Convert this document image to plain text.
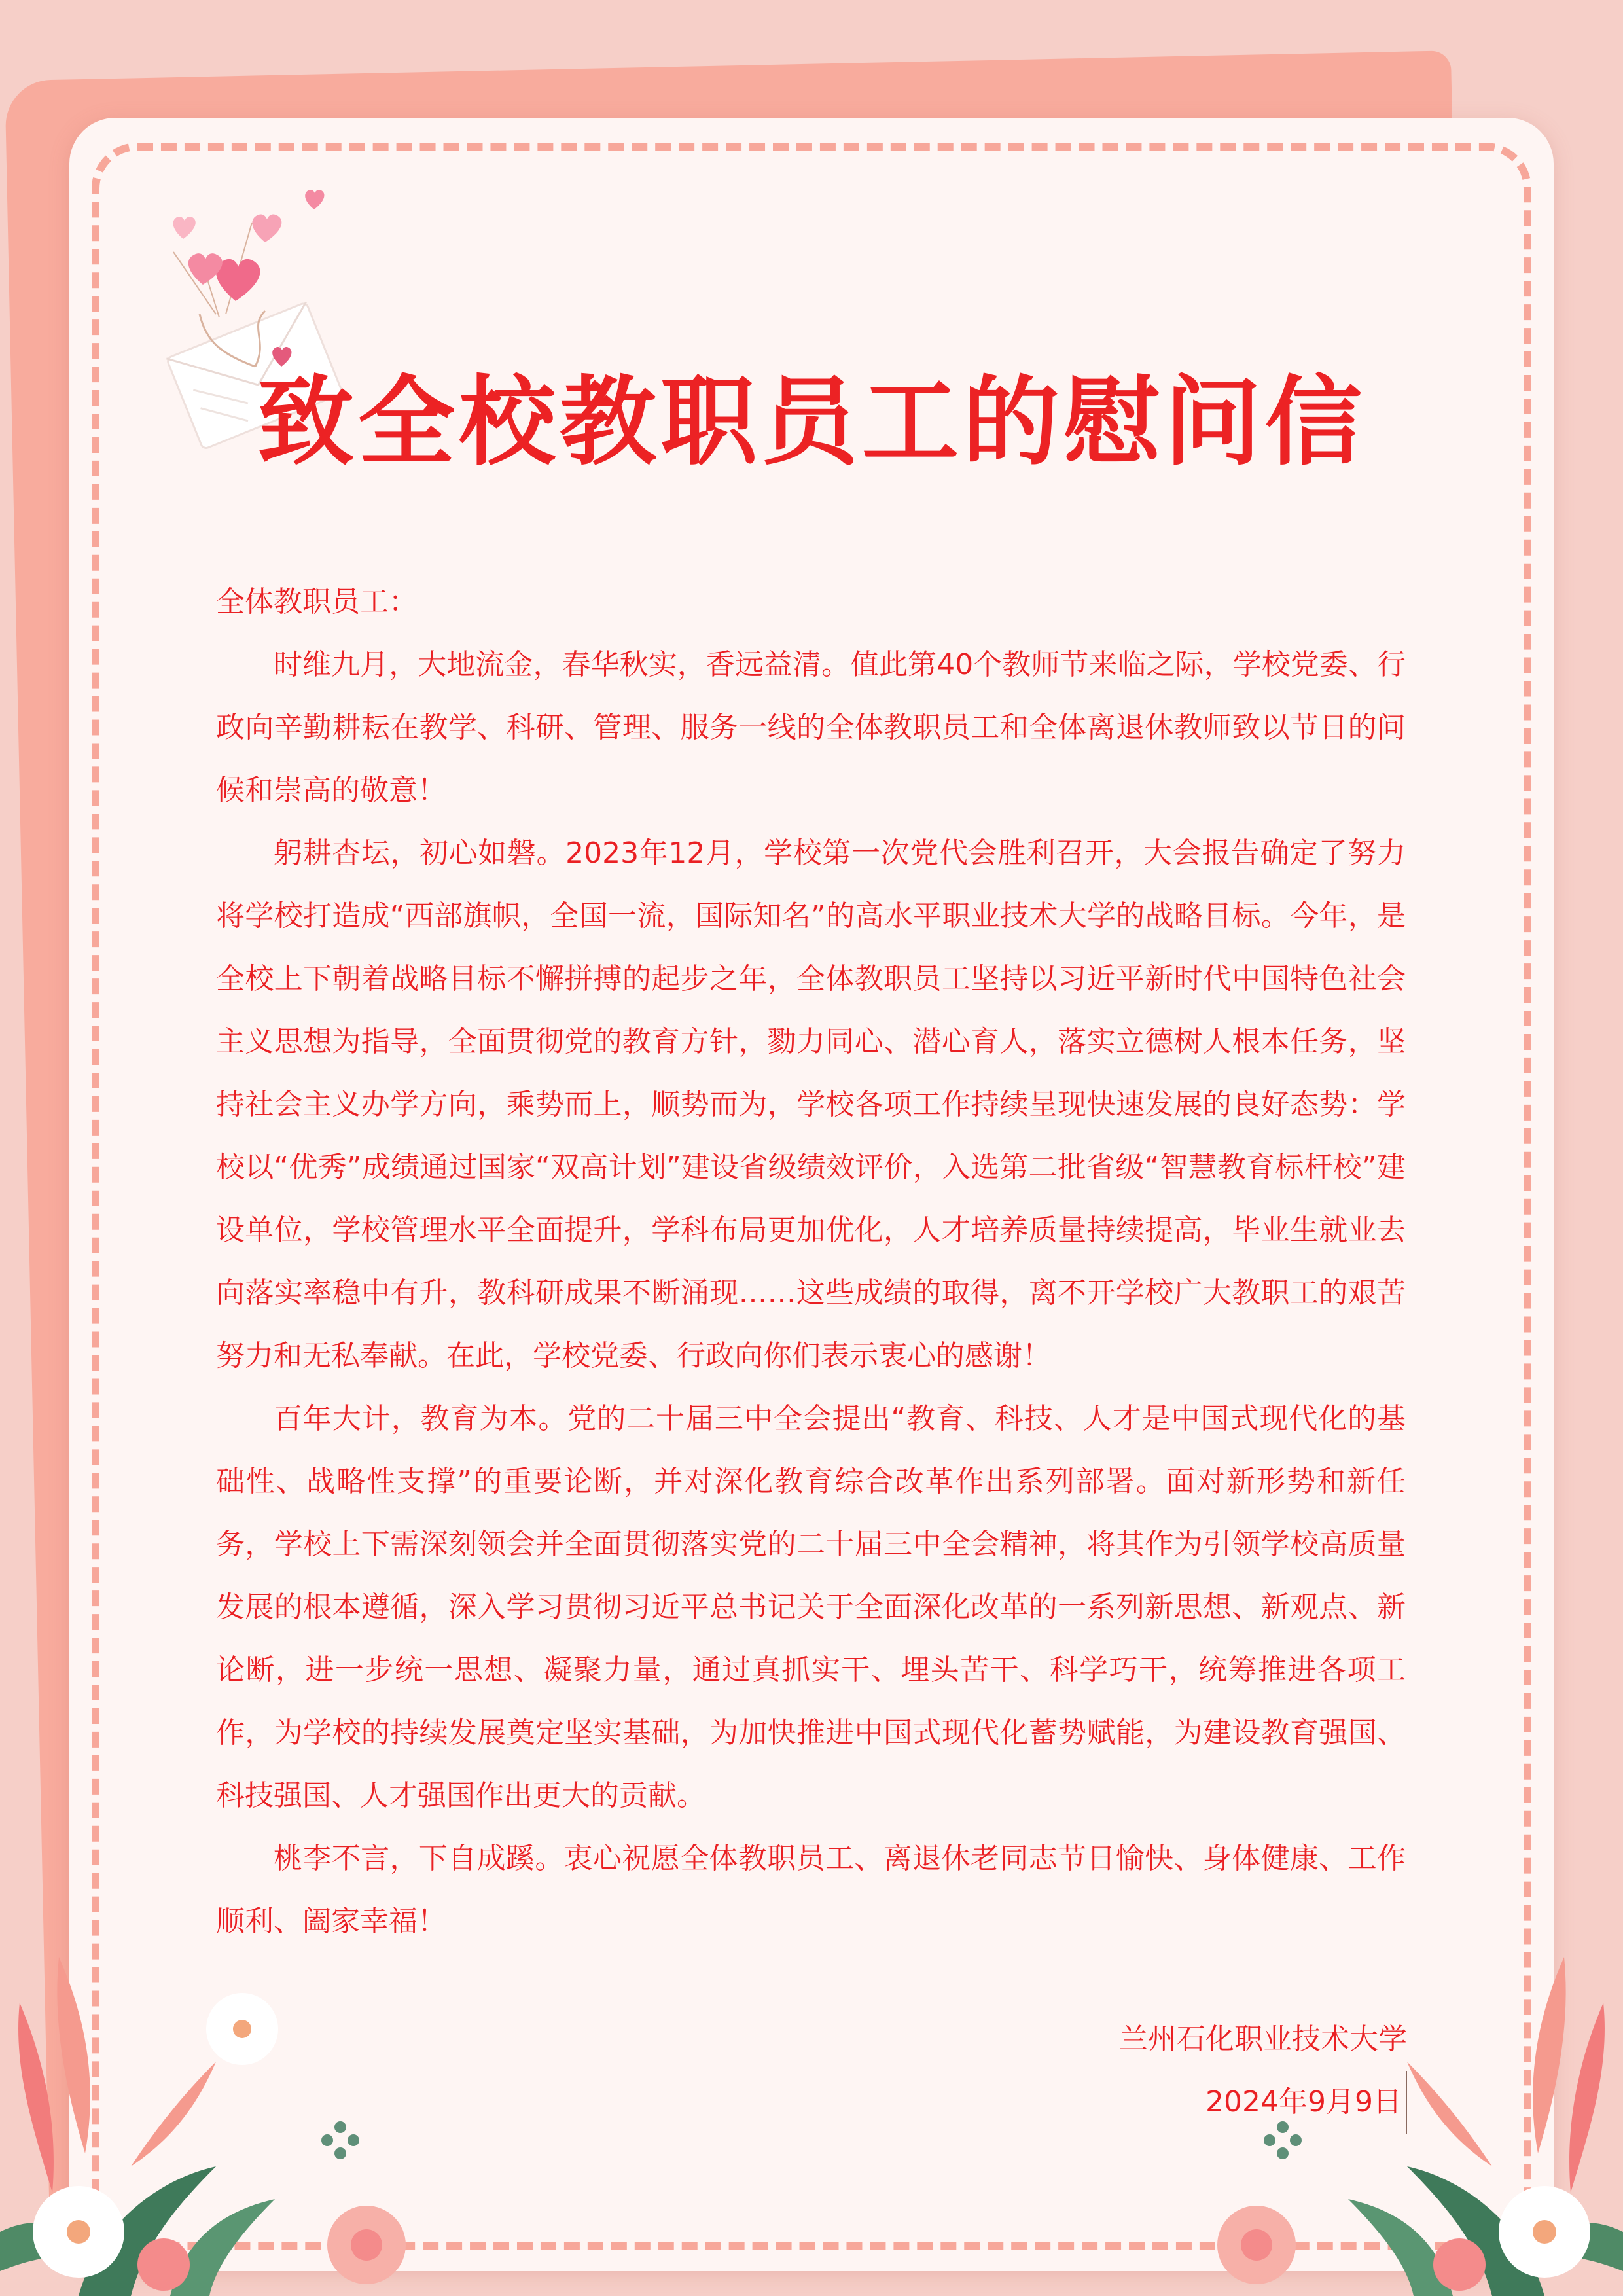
致全校教职员工的慰问信

全体教职员工：

时维九月，大地流金，春华秋实，香远益清。值此第40个教师节来临之际，学校党委、行政向辛勤耕耘在教学、科研、管理、服务一线的全体教职员工和全体离退休教师致以节日的问候和崇高的敬意！

躬耕杏坛，初心如磐。2023年12月，学校第一次党代会胜利召开，大会报告确定了努力将学校打造成“西部旗帜，全国一流，国际知名”的高水平职业技术大学的战略目标。今年，是全校上下朝着战略目标不懈拼搏的起步之年，全体教职员工坚持以习近平新时代中国特色社会主义思想为指导，全面贯彻党的教育方针，勠力同心、潜心育人，落实立德树人根本任务，坚持社会主义办学方向，乘势而上，顺势而为，学校各项工作持续呈现快速发展的良好态势：学校以“优秀”成绩通过国家“双高计划”建设省级绩效评价，入选第二批省级“智慧教育标杆校”建设单位，学校管理水平全面提升，学科布局更加优化，人才培养质量持续提高，毕业生就业去向落实率稳中有升，教科研成果不断涌现……这些成绩的取得，离不开学校广大教职工的艰苦努力和无私奉献。在此，学校党委、行政向你们表示衷心的感谢！

百年大计，教育为本。党的二十届三中全会提出“教育、科技、人才是中国式现代化的基础性、战略性支撑”的重要论断，并对深化教育综合改革作出系列部署。面对新形势和新任务，学校上下需深刻领会并全面贯彻落实党的二十届三中全会精神，将其作为引领学校高质量发展的根本遵循，深入学习贯彻习近平总书记关于全面深化改革的一系列新思想、新观点、新论断，进一步统一思想、凝聚力量，通过真抓实干、埋头苦干、科学巧干，统筹推进各项工作，为学校的持续发展奠定坚实基础，为加快推进中国式现代化蓄势赋能，为建设教育强国、科技强国、人才强国作出更大的贡献。

桃李不言，下自成蹊。衷心祝愿全体教职员工、离退休老同志节日愉快、身体健康、工作顺利、阖家幸福！

兰州石化职业技术大学
2024年9月9日
